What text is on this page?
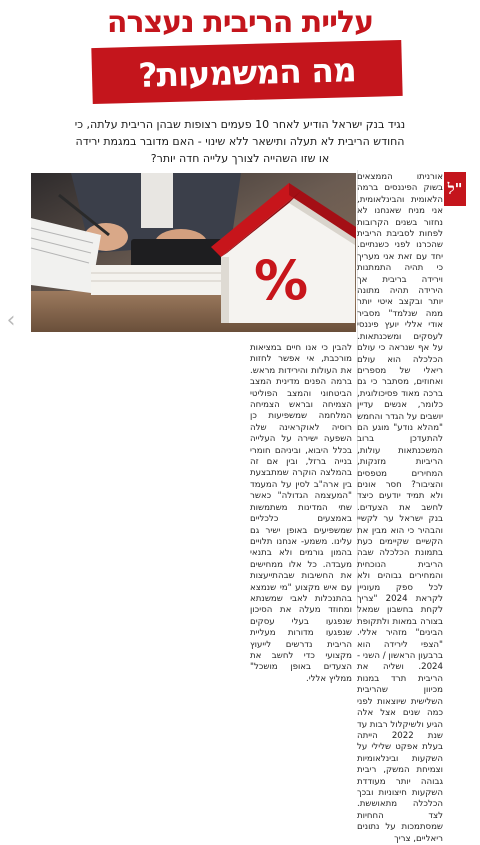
עליית הריבית נעצרה
מה המשמעות?
נגיד בנק ישראל הודיע לאחר 10 פעמים רצופות שבהן הריבית עלתה, כי החודש הריבית לא תעלה ותישאר ללא שינוי - האם מדובר במגמת ירידה או שזו השהייה לצורך עלייה חדה יותר?
%
ל"

אורניתו הממצאים בשוק הפיננסים ברמה הלאומית והבינלאומית, אני מניח שאנחנו לא נחזור בשנים הקרובות לפחות לסביבת הריבית שהכרנו לפני כשנתיים. יחד עם זאת אני מעריך כי תהיה התמתנות וירידה בריבית אך הירידה תהיה מתונה יותר ובקצב איטי יותר ממה שנלמד" מסביר אודי אללי יועץ פיננסי לעסקים ומשכנתאות. על אף שנראה כי עולם הכלכלה הוא עולם ריאלי של מספרים ואחוזים, מסתבר כי גם ברכה מאוד פסיכולוגית, כלומר, אנשים עדיין יושבים על הגדר והחמש "מהלא נודע" מוגע הם להתעדכן ברוב המשכנתאות עולות, הריביות מזנקות, המחירים מטפסים והציבור? חסר אונים ולא תמיד יודעים כיצד לחשב את הצעדים. בנק ישראל ער לקשיי והבהיר כי הוא מבין את הקשיים שקיימים כעת בתמונת הכלכלה שבה הריבית הנוכחית והמחירים גבוהים ולא לכל ספק מעוניין לקראת 2024 "צריך לקחת בחשבון שמאל בצורה במאות ולתקופת הבינים" מזהיר אללי. "הצפי לירידה הוא ברבעון הראשון / השני - 2024. ושליה את הריבית תרד במנות מכיוון שהריבית השלישית שיוצאות לפני כמה שנים אצל אלה הגיע ולשיקלול רבות עד שנת 2022 הייתה בעלת אפקט שלילי על השקעות ובינלאומיות וצמיחת המשק, ריבית גבוהה יותר מעודדת השקעות חיצוניות ובכך הכלכלה מתאוששת. לצד החחיות שמסתמכות על נתונים ריאליים, צריך

להבין כי אנו חיים במציאות מורכבת, אי אפשר לחזות את העולות והירידות מראש. ברמה הפנים מדינית המצב הביטחוני והמצב הפוליטי הצמיחה ובראש הצמיחה המלחמה שמשפיעות כן רוסיה לאוקראינה שלה השפעה ישירה על העלייה בכלל היבוא, וביניהם חומרי בנייה ברזל, ובין אם זה בהמלצה הוקרה שמתבצעת בין ארה"ב לסין על המעמד "המעצמה הגדולה" כאשר שתי המדינות משתמשות באמצעים כלכליים שמשפיעים באופן ישיר גם עלינו. משמע- אנחנו תלויים בהמון גורמים ולא בתנאי מעבדה. כל אלו ממחישים את החשיבות שבהתייעצות עם איש מקצוע "מי שנמצא בהתנכלות לאבי שמשנתא ומחוזד מעלה את הסיכון שנפגעו בעלי עסקים שנפגעו מדורות מעליית הריבית נדרשים לייעוץ מקצועי כדי לחשב את הצעדים באופן מושכל" ממליץ אללי.

‹
